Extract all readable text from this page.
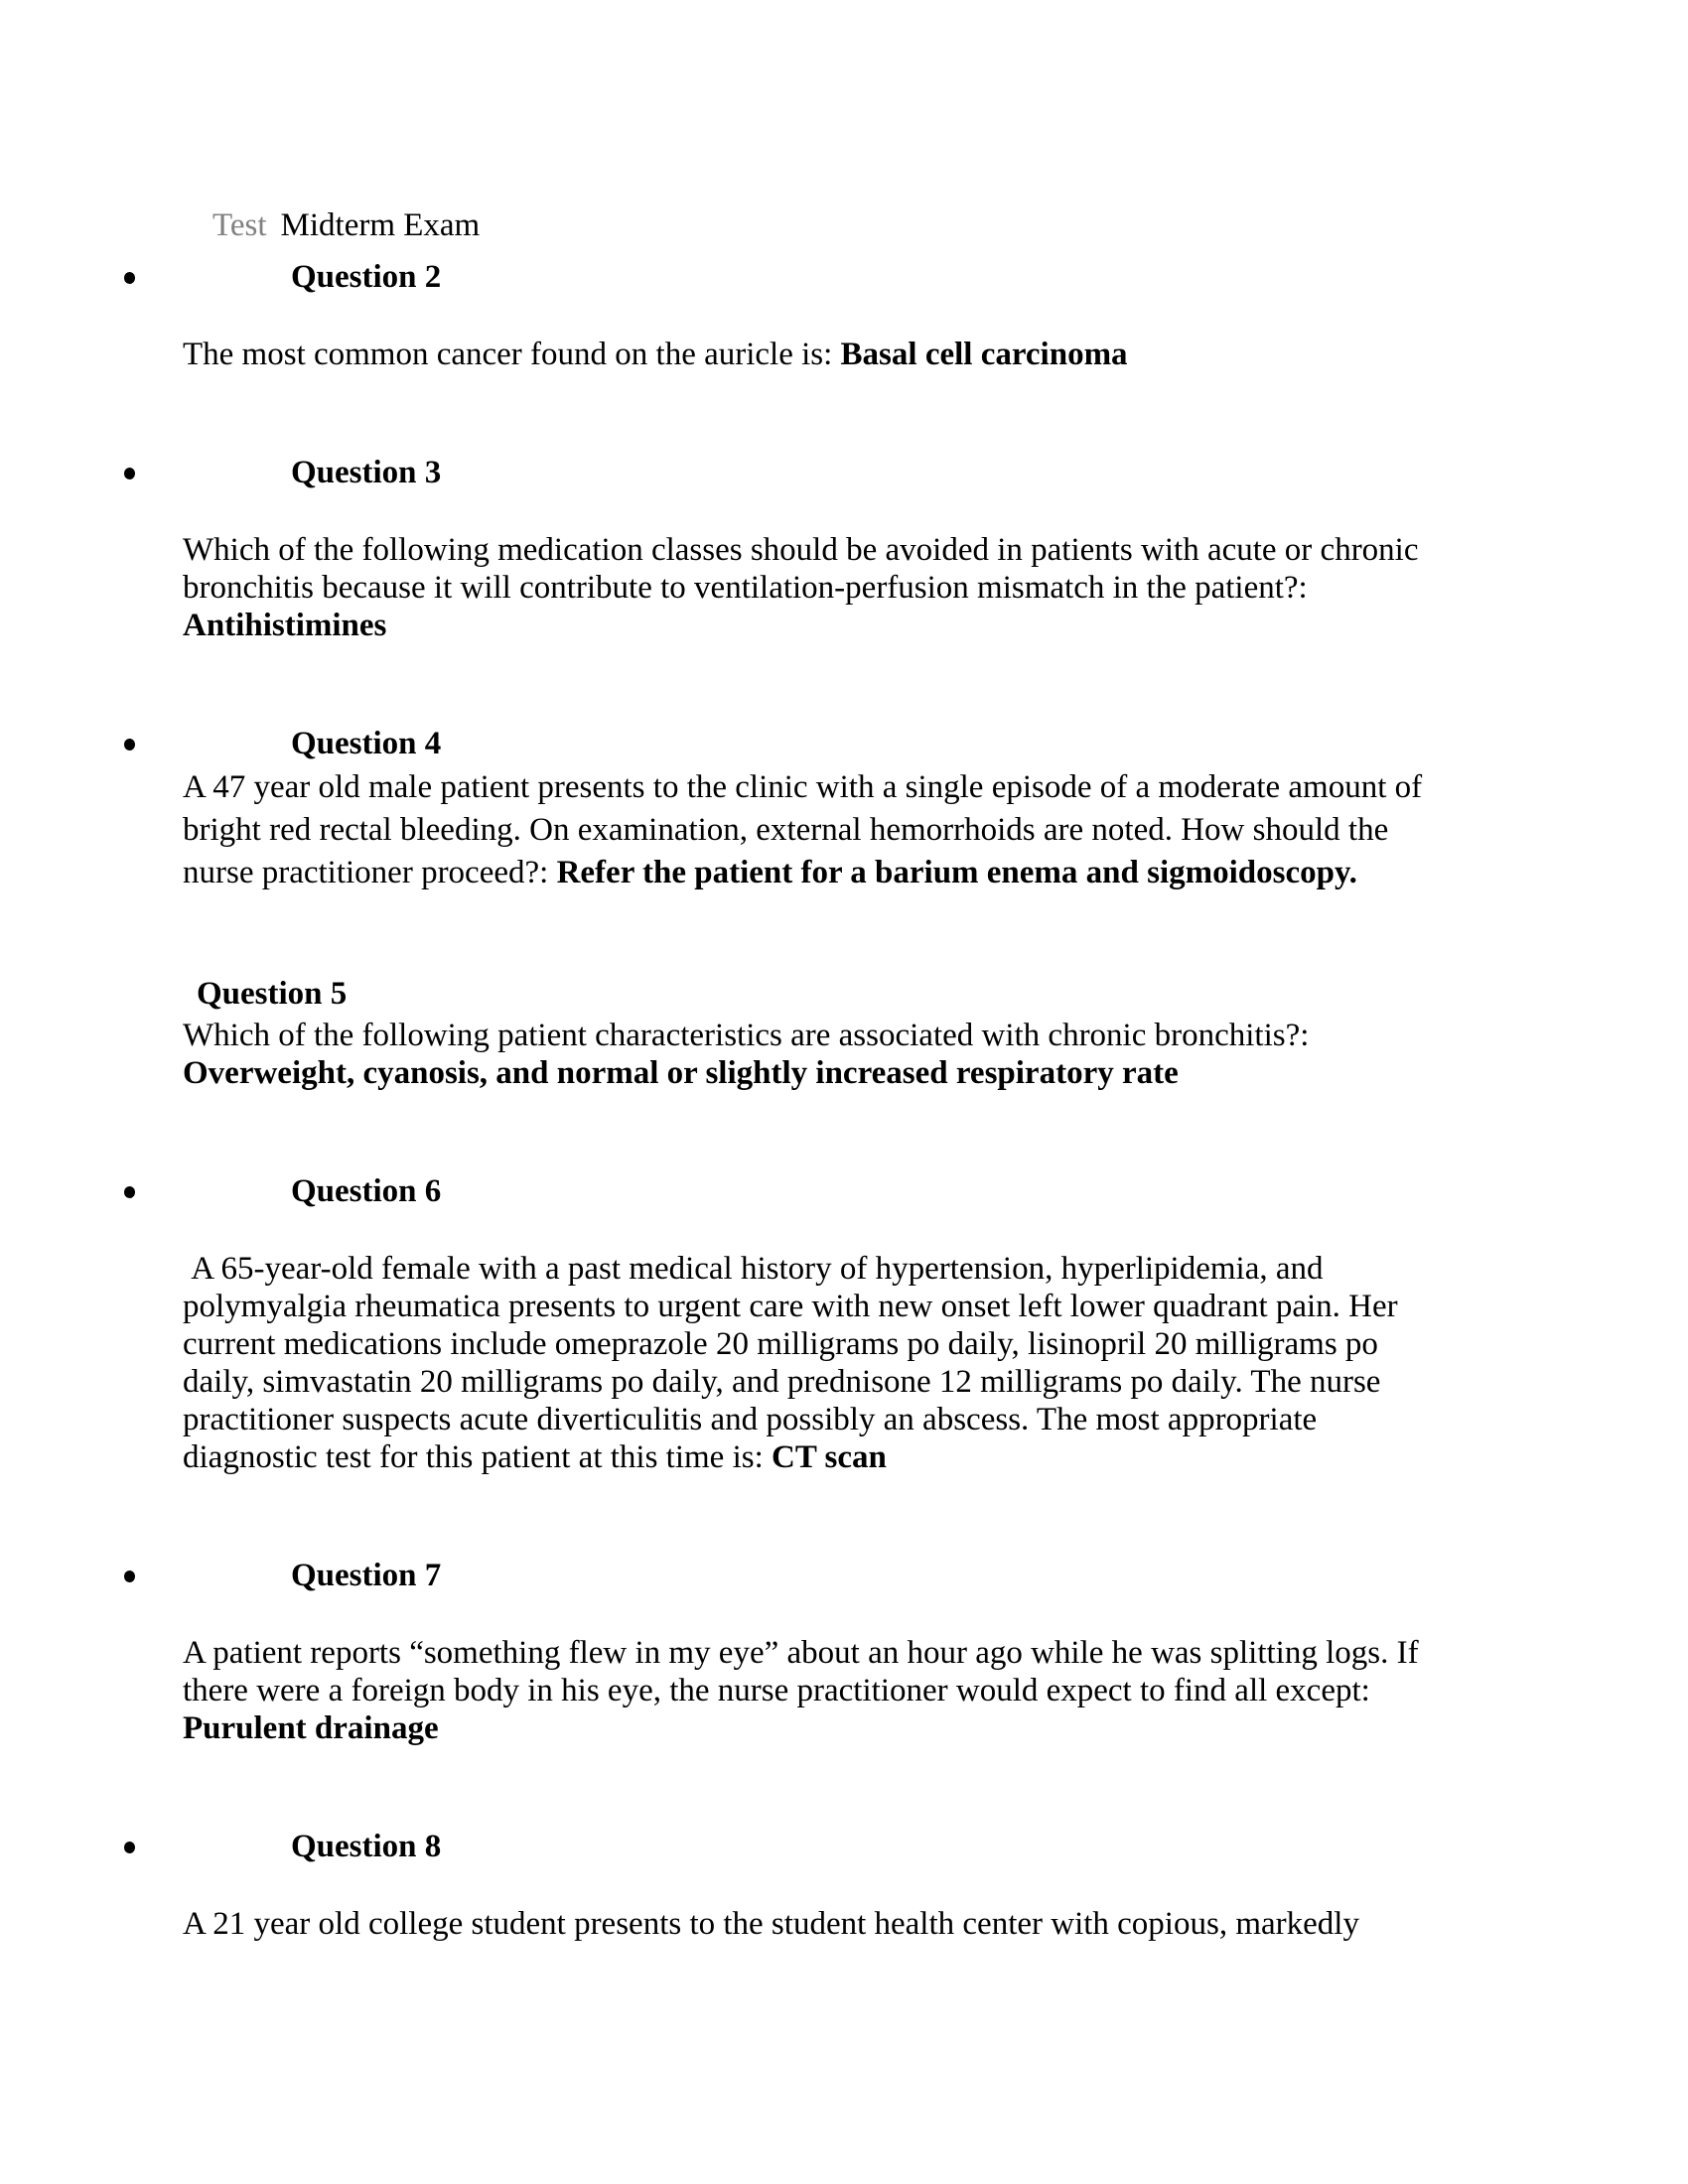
Test Midterm Exam
Question 2
The most common cancer found on the auricle is: Basal cell carcinoma
Question 3
Which of the following medication classes should be avoided in patients with acute or chronic bronchitis because it will contribute to ventilation-perfusion mismatch in the patient?: Antihistimines
Question 4
A 47 year old male patient presents to the clinic with a single episode of a moderate amount of bright red rectal bleeding. On examination, external hemorrhoids are noted. How should the nurse practitioner proceed?: Refer the patient for a barium enema and sigmoidoscopy.
Question 5
Which of the following patient characteristics are associated with chronic bronchitis?: Overweight, cyanosis, and normal or slightly increased respiratory rate
Question 6
A 65-year-old female with a past medical history of hypertension, hyperlipidemia, and polymyalgia rheumatica presents to urgent care with new onset left lower quadrant pain. Her current medications include omeprazole 20 milligrams po daily, lisinopril 20 milligrams po daily, simvastatin 20 milligrams po daily, and prednisone 12 milligrams po daily. The nurse practitioner suspects acute diverticulitis and possibly an abscess. The most appropriate diagnostic test for this patient at this time is: CT scan
Question 7
A patient reports “something flew in my eye” about an hour ago while he was splitting logs. If there were a foreign body in his eye, the nurse practitioner would expect to find all except: Purulent drainage
Question 8
A 21 year old college student presents to the student health center with copious, markedly
